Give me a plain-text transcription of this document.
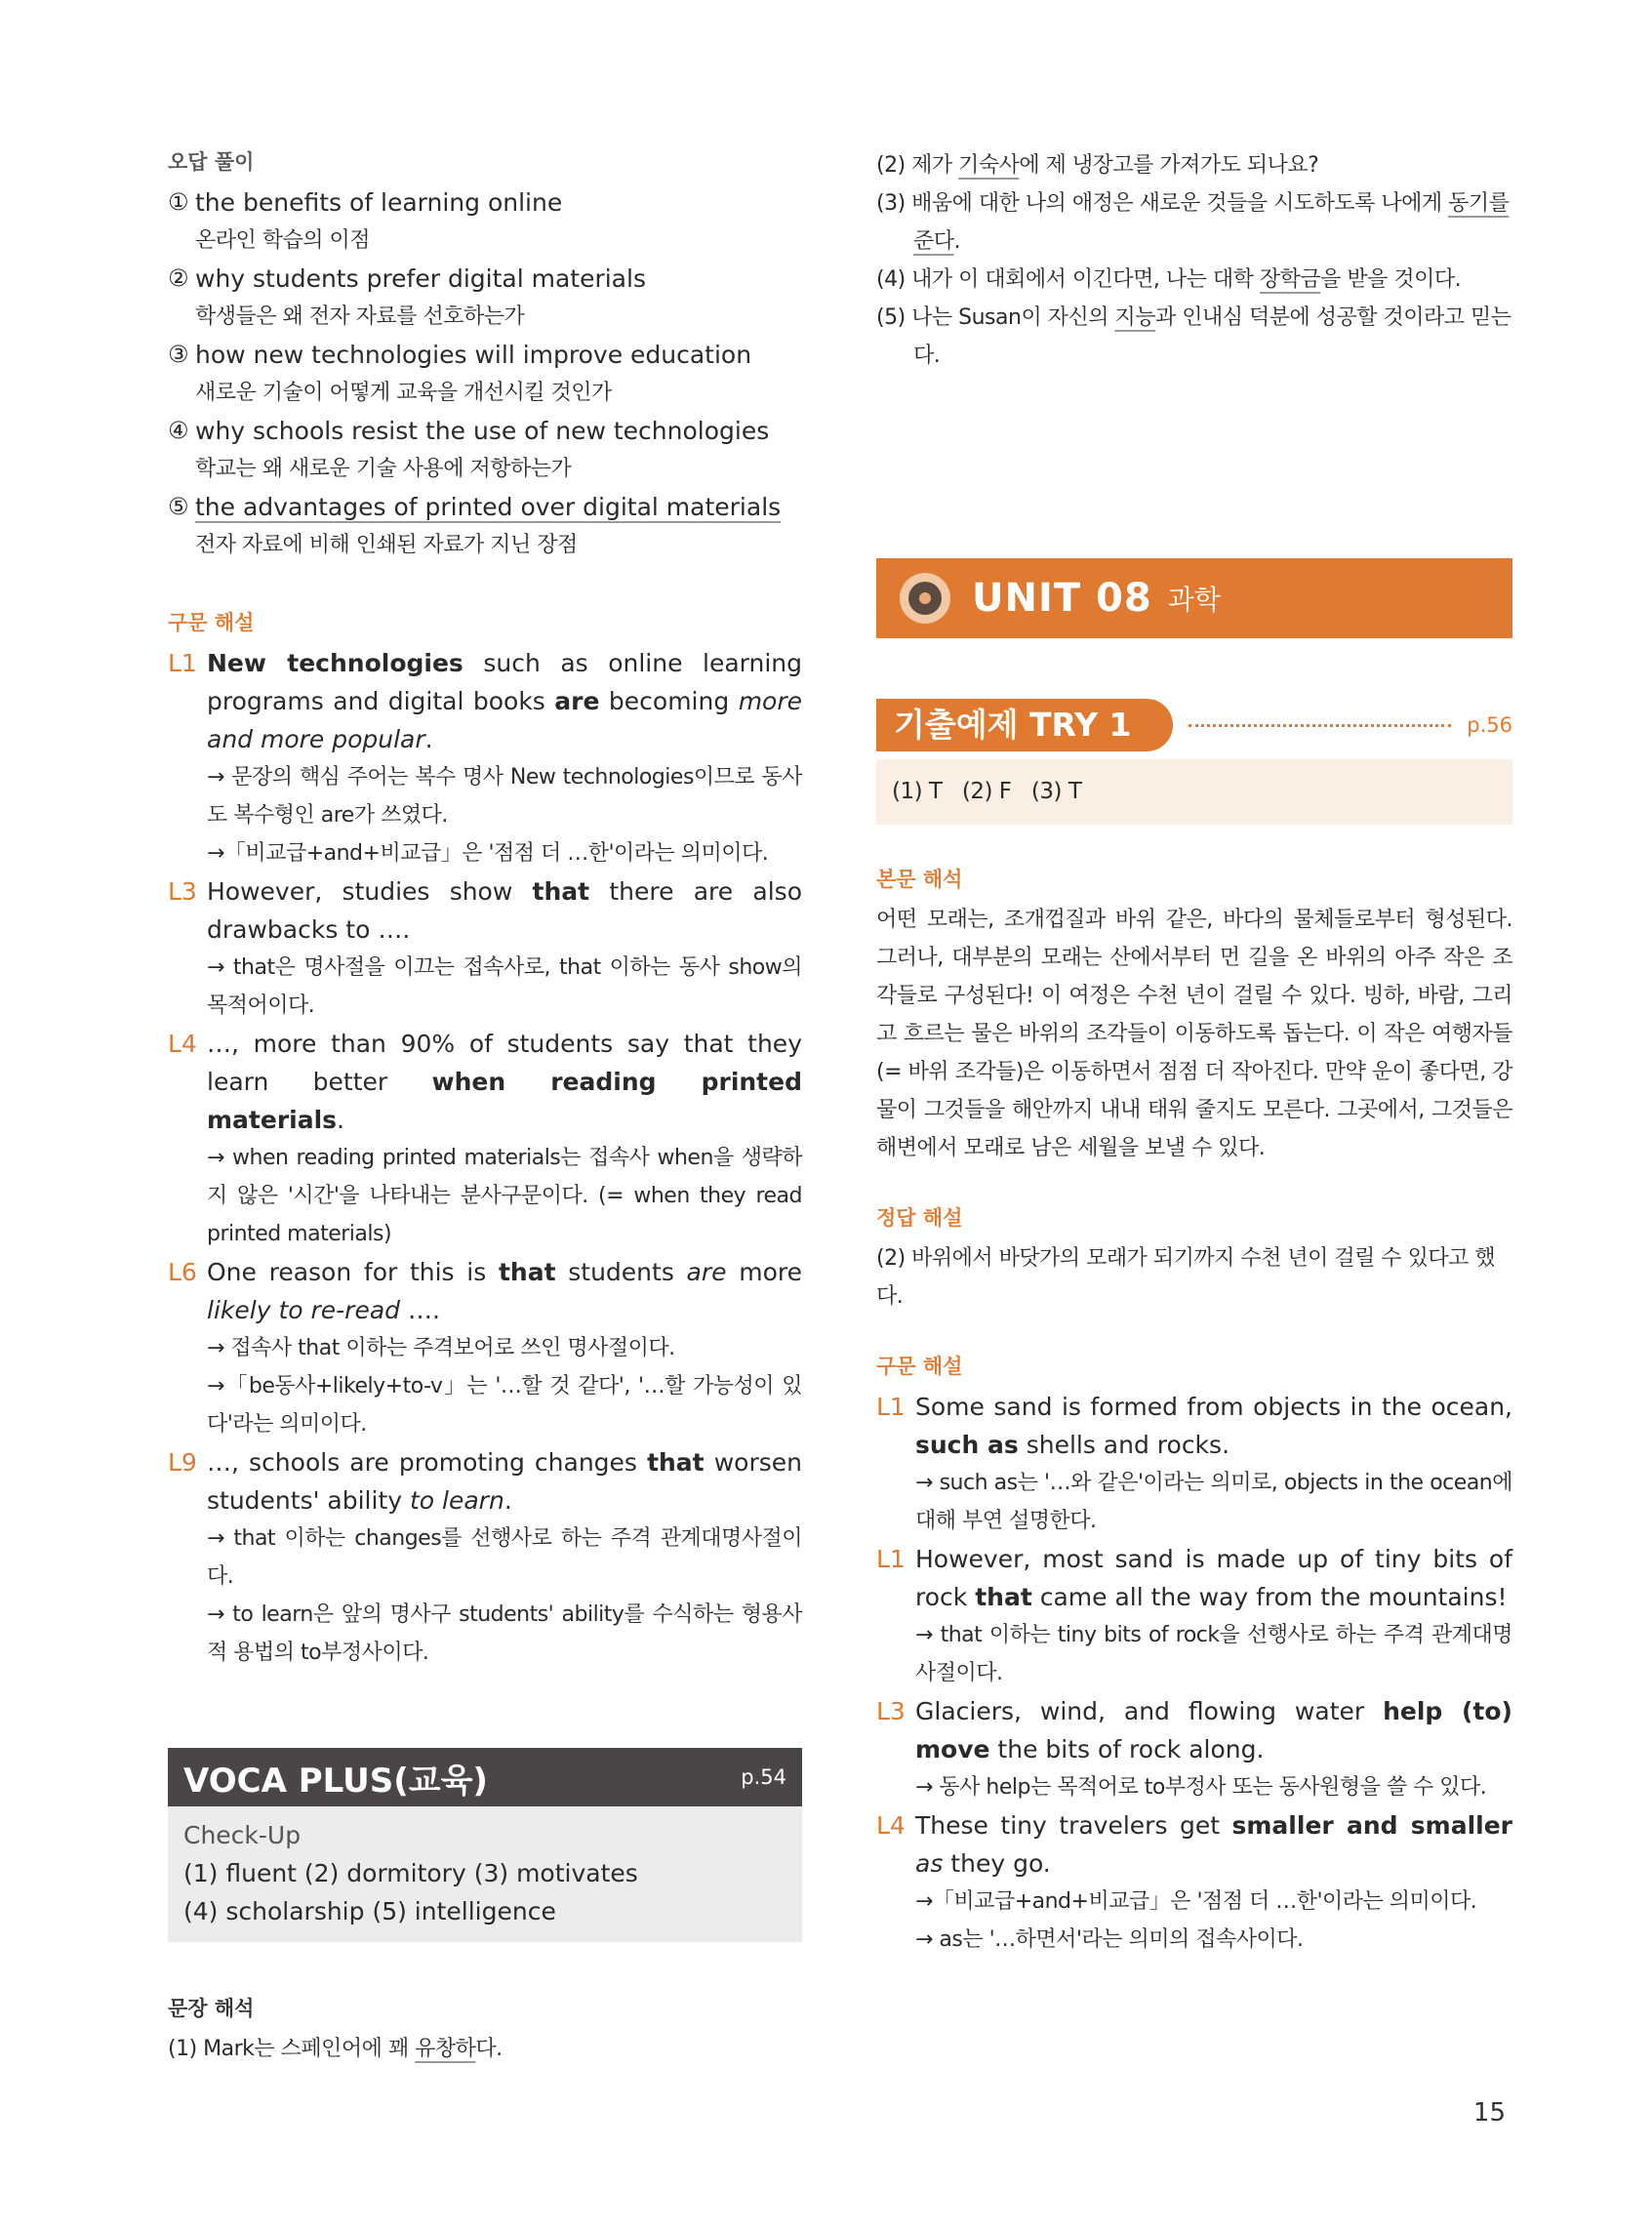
오답 풀이
① the benefits of learning online
온라인 학습의 이점
② why students prefer digital materials
학생들은 왜 전자 자료를 선호하는가
③ how new technologies will improve education
새로운 기술이 어떻게 교육을 개선시킬 것인가
④ why schools resist the use of new technologies
학교는 왜 새로운 기술 사용에 저항하는가
⑤ the advantages of printed over digital materials
전자 자료에 비해 인쇄된 자료가 지닌 장점
구문 해설
L1 New technologies such as online learning programs and digital books are becoming more and more popular.
→ 문장의 핵심 주어는 복수 명사 New technologies이므로 동사도 복수형인 are가 쓰였다.
→「비교급+and+비교급」은 '점점 더 …한'이라는 의미이다.
L3 However, studies show that there are also drawbacks to ….
→ that은 명사절을 이끄는 접속사로, that 이하는 동사 show의 목적어이다.
L4 …, more than 90% of students say that they learn better when reading printed materials.
→ when reading printed materials는 접속사 when을 생략하지 않은 '시간'을 나타내는 분사구문이다. (= when they read printed materials)
L6 One reason for this is that students are more likely to re-read ….
→ 접속사 that 이하는 주격보어로 쓰인 명사절이다.
→「be동사+likely+to-v」는 '…할 것 같다', '…할 가능성이 있다'라는 의미이다.
L9 …, schools are promoting changes that worsen students' ability to learn.
→ that 이하는 changes를 선행사로 하는 주격 관계대명사절이다.
→ to learn은 앞의 명사구 students' ability를 수식하는 형용사적 용법의 to부정사이다.
VOCA PLUS(교육)	p.54
Check-Up
(1) fluent (2) dormitory (3) motivates
(4) scholarship (5) intelligence
문장 해석
(1) Mark는 스페인어에 꽤 유창하다.
(2) 제가 기숙사에 제 냉장고를 가져가도 되나요?
(3) 배움에 대한 나의 애정은 새로운 것들을 시도하도록 나에게 동기를 준다.
(4) 내가 이 대회에서 이긴다면, 나는 대학 장학금을 받을 것이다.
(5) 나는 Susan이 자신의 지능과 인내심 덕분에 성공할 것이라고 믿는다.
UNIT 08 과학
기출예제 TRY 1	p.56
(1) T   (2) F   (3) T
본문 해석
어떤 모래는, 조개껍질과 바위 같은, 바다의 물체들로부터 형성된다. 그러나, 대부분의 모래는 산에서부터 먼 길을 온 바위의 아주 작은 조각들로 구성된다! 이 여정은 수천 년이 걸릴 수 있다. 빙하, 바람, 그리고 흐르는 물은 바위의 조각들이 이동하도록 돕는다. 이 작은 여행자들(= 바위 조각들)은 이동하면서 점점 더 작아진다. 만약 운이 좋다면, 강물이 그것들을 해안까지 내내 태워 줄지도 모른다. 그곳에서, 그것들은 해변에서 모래로 남은 세월을 보낼 수 있다.
정답 해설
(2) 바위에서 바닷가의 모래가 되기까지 수천 년이 걸릴 수 있다고 했다.
구문 해설
L1 Some sand is formed from objects in the ocean, such as shells and rocks.
→ such as는 '…와 같은'이라는 의미로, objects in the ocean에 대해 부연 설명한다.
L1 However, most sand is made up of tiny bits of rock that came all the way from the mountains!
→ that 이하는 tiny bits of rock을 선행사로 하는 주격 관계대명사절이다.
L3 Glaciers, wind, and flowing water help (to) move the bits of rock along.
→ 동사 help는 목적어로 to부정사 또는 동사원형을 쓸 수 있다.
L4 These tiny travelers get smaller and smaller as they go.
→「비교급+and+비교급」은 '점점 더 …한'이라는 의미이다.
→ as는 '…하면서'라는 의미의 접속사이다.
15
